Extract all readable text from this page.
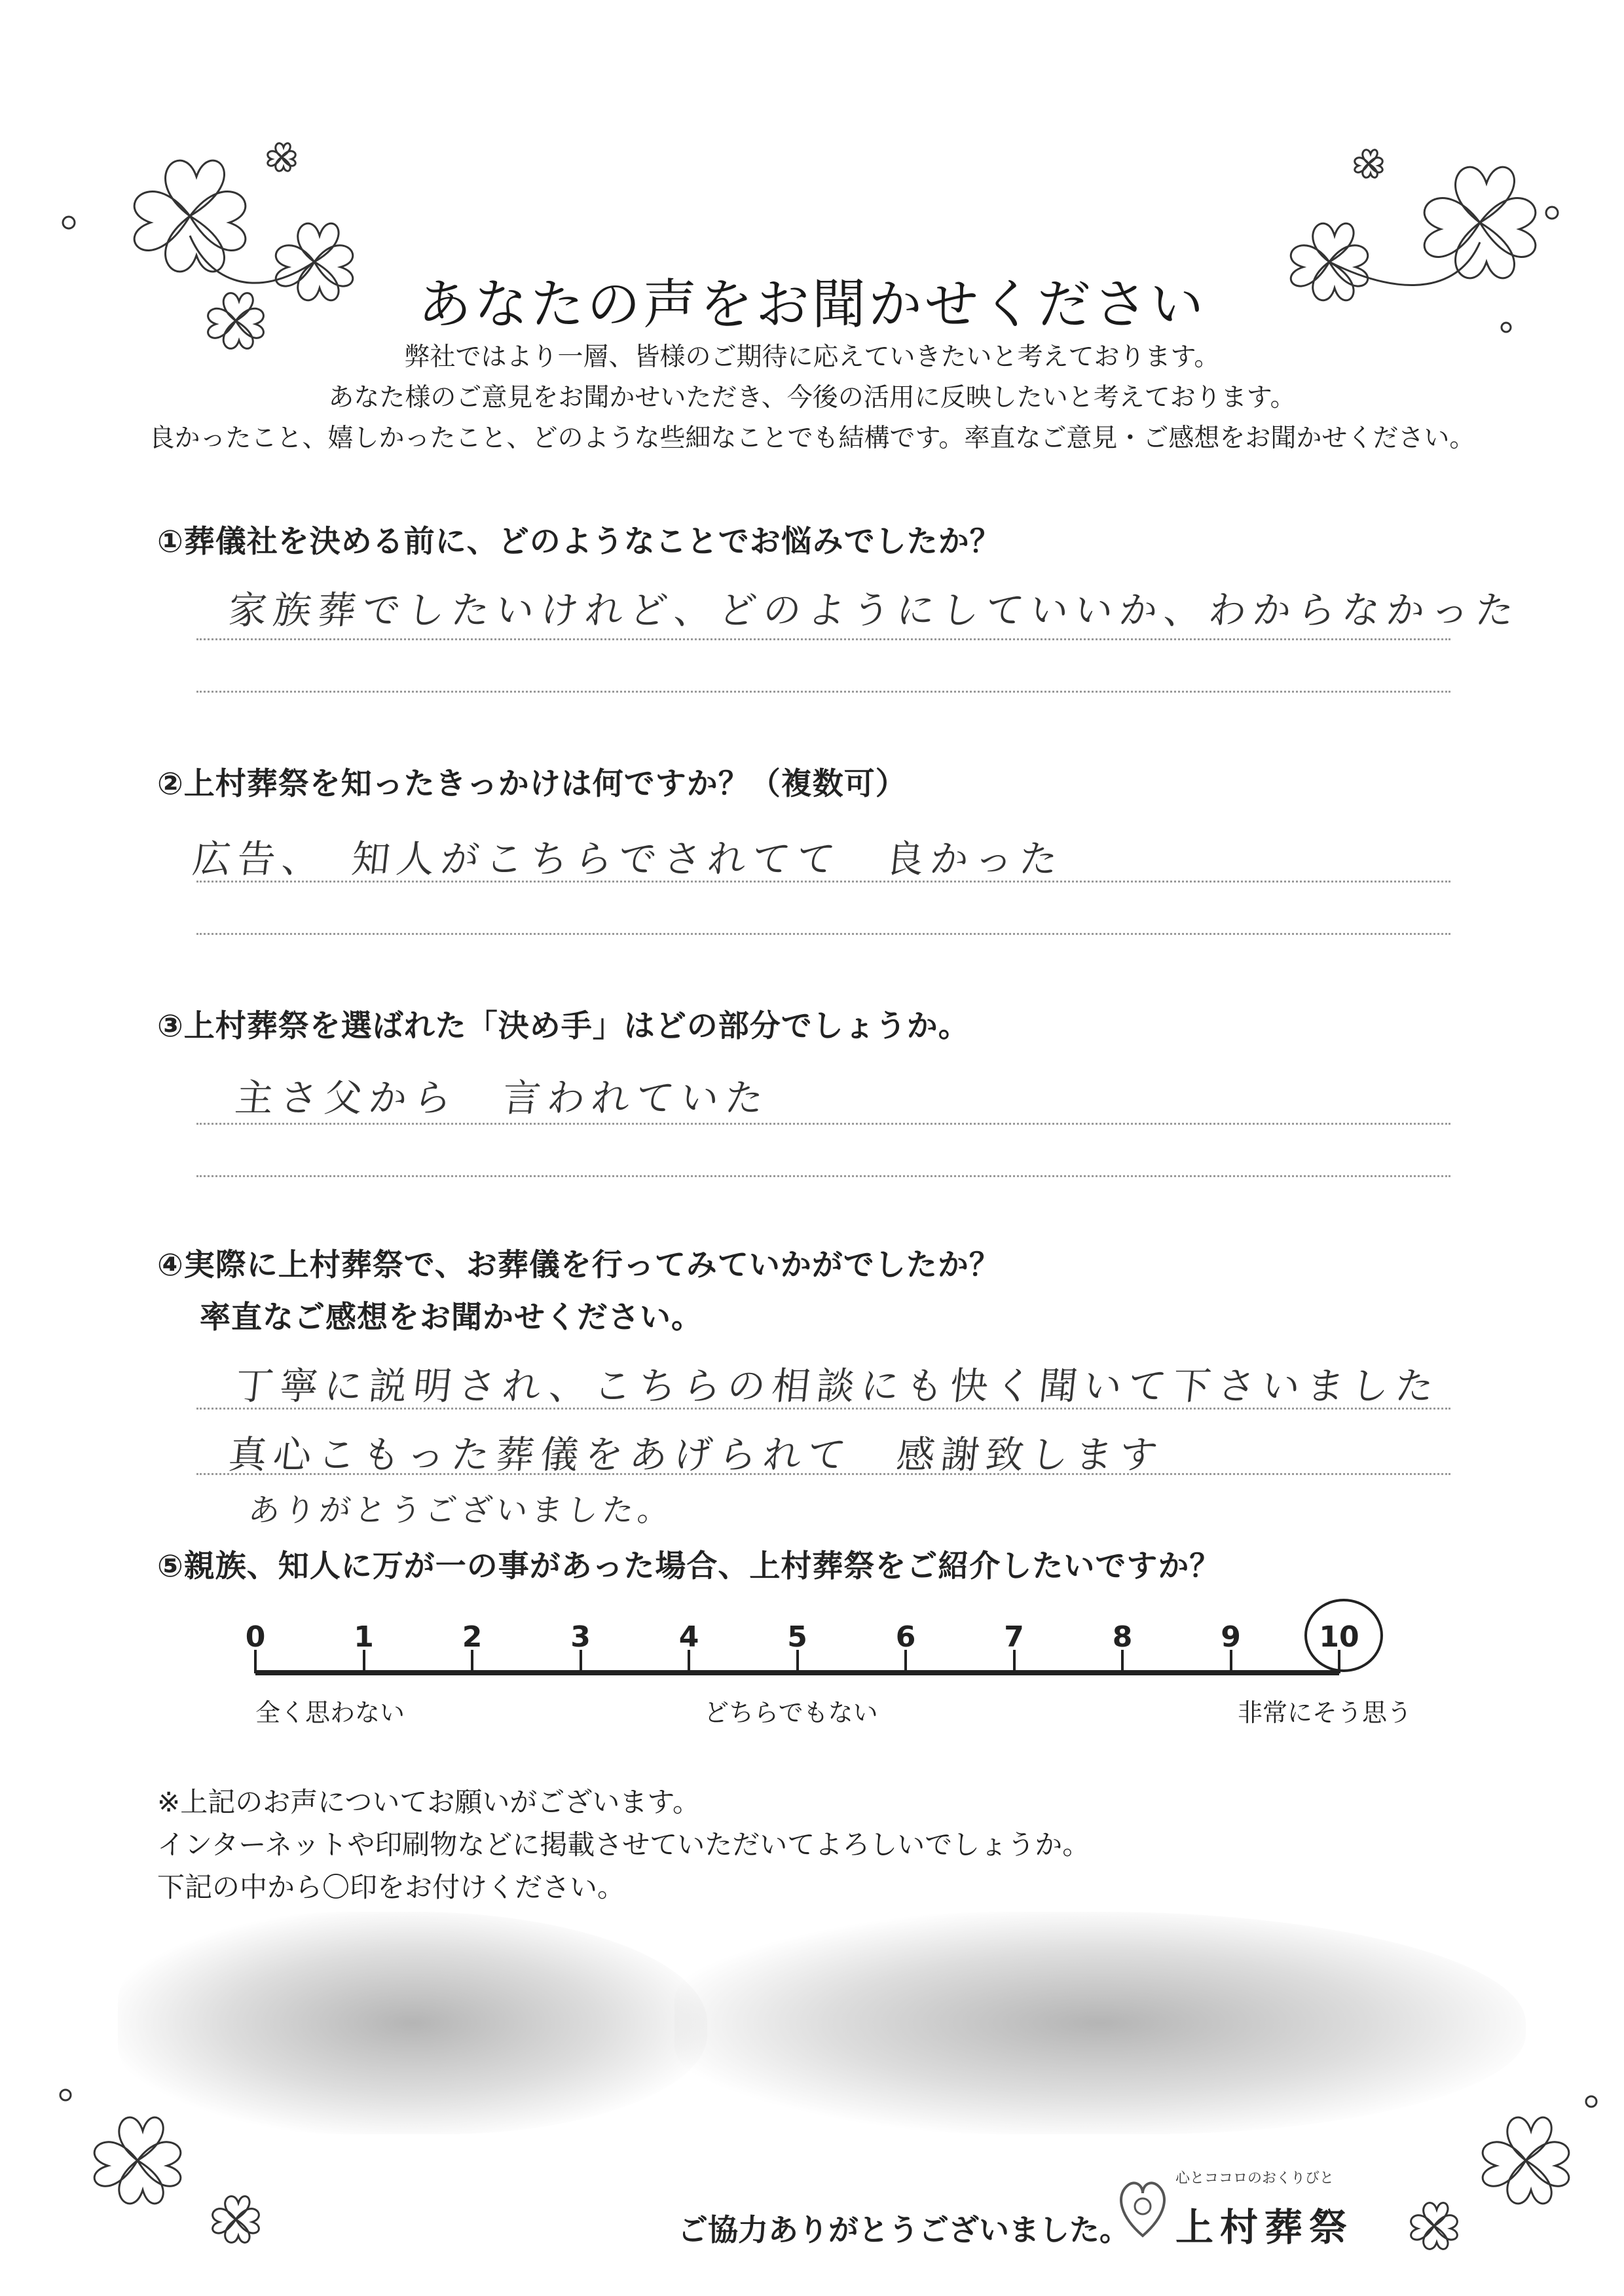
あなたの声をお聞かせください
弊社ではより一層、皆様のご期待に応えていきたいと考えております。
あなた様のご意見をお聞かせいただき、今後の活用に反映したいと考えております。
良かったこと、嬉しかったこと、どのような些細なことでも結構です。率直なご意見・ご感想をお聞かせください。
①葬儀社を決める前に、どのようなことでお悩みでしたか？
家族葬でしたいけれど、どのようにしていいか、わからなかった
②上村葬祭を知ったきっかけは何ですか？（複数可）
広告、　知人がこちらでされてて　良かった
③上村葬祭を選ばれた「決め手」はどの部分でしょうか。
主さ父から　言われていた
④実際に上村葬祭で、お葬儀を行ってみていかがでしたか？
率直なご感想をお聞かせください。
丁寧に説明され、こちらの相談にも快く聞いて下さいました
真心こもった葬儀をあげられて　感謝致します
ありがとうございました。
⑤親族、知人に万が一の事があった場合、上村葬祭をご紹介したいですか？
0	1	2	3	4	5	6	7	8	9	10
全く思わない	どちらでもない	非常にそう思う
※上記のお声についてお願いがございます。
インターネットや印刷物などに掲載させていただいてよろしいでしょうか。
下記の中から〇印をお付けください。
ご協力ありがとうございました。
心とココロのおくりびと
上村葬祭
